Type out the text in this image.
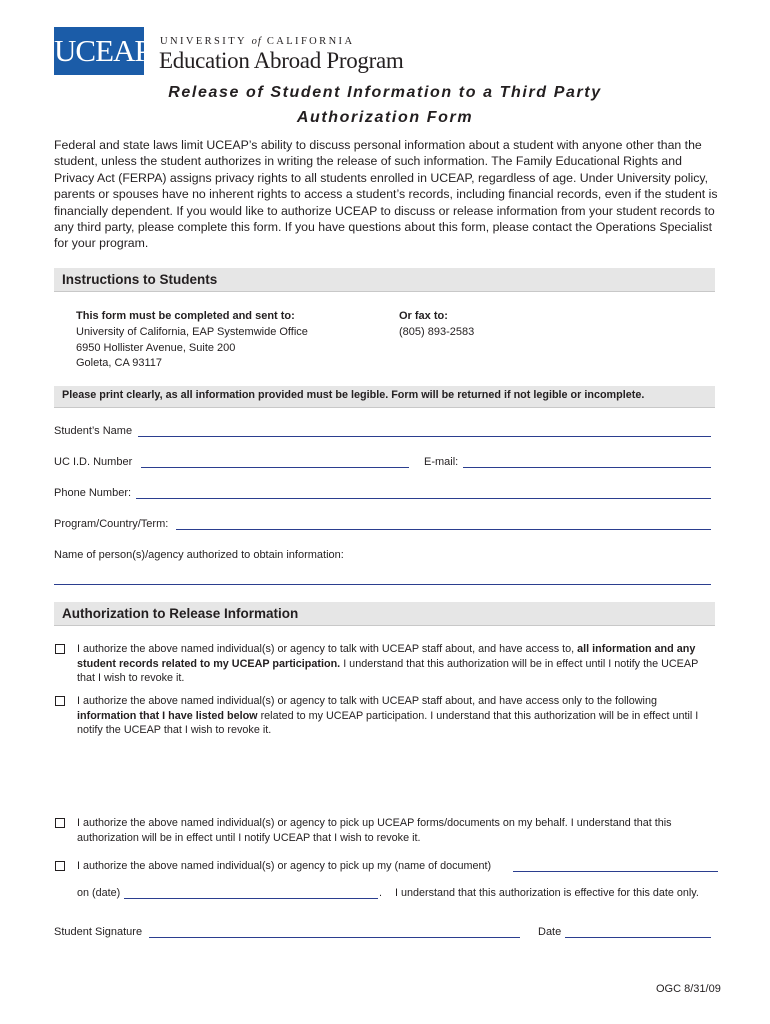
UCEAP UNIVERSITY of CALIFORNIA
Education Abroad Program
Release of Student Information to a Third Party
Authorization Form
Federal and state laws limit UCEAP’s ability to discuss personal information about a student with anyone other than the student, unless the student authorizes in writing the release of such information. The Family Educational Rights and Privacy Act (FERPA) assigns privacy rights to all students enrolled in UCEAP, regardless of age. Under University policy, parents or spouses have no inherent rights to access a student’s records, including financial records, even if the student is financially dependent. If you would like to authorize UCEAP to discuss or release information from your student records to any third party, please complete this form. If you have questions about this form, please contact the Operations Specialist for your program.
Instructions to Students
This form must be completed and sent to:
University of California, EAP Systemwide Office
6950 Hollister Avenue, Suite 200
Goleta, CA 93117
Or fax to:
(805) 893-2583
Please print clearly, as all information provided must be legible. Form will be returned if not legible or incomplete.
Student’s Name
UC I.D. Number	E-mail:
Phone Number:
Program/Country/Term:
Name of person(s)/agency authorized to obtain information:
Authorization to Release Information
I authorize the above named individual(s) or agency to talk with UCEAP staff about, and have access to, all information and any student records related to my UCEAP participation. I understand that this authorization will be in effect until I notify the UCEAP that I wish to revoke it.
I authorize the above named individual(s) or agency to talk with UCEAP staff about, and have access only to the following information that I have listed below related to my UCEAP participation. I understand that this authorization will be in effect until I notify the UCEAP that I wish to revoke it.
I authorize the above named individual(s) or agency to pick up UCEAP forms/documents on my behalf. I understand that this authorization will be in effect until I notify UCEAP that I wish to revoke it.
I authorize the above named individual(s) or agency to pick up my (name of document)
on (date)	. I understand that this authorization is effective for this date only.
Student Signature	Date
OGC 8/31/09
